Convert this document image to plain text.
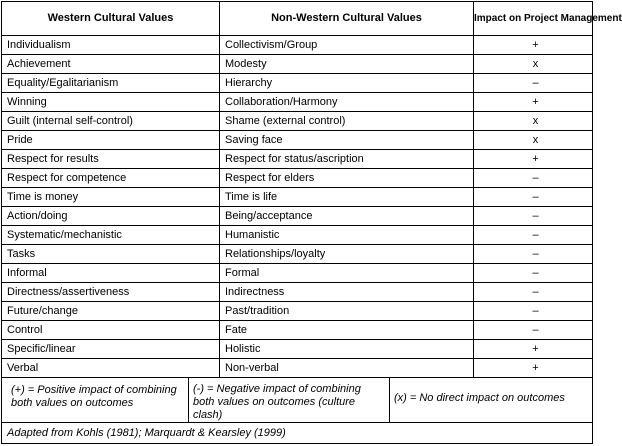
Western Cultural Values	Non-Western Cultural Values	Impact on Project Management
Individualism	Collectivism/Group	+
Achievement	Modesty	x
Equality/Egalitarianism	Hierarchy	–
Winning	Collaboration/Harmony	+
Guilt (internal self-control)	Shame (external control)	x
Pride	Saving face	x
Respect for results	Respect for status/ascription	+
Respect for competence	Respect for elders	–
Time is money	Time is life	–
Action/doing	Being/acceptance	–
Systematic/mechanistic	Humanistic	–
Tasks	Relationships/loyalty	–
Informal	Formal	–
Directness/assertiveness	Indirectness	–
Future/change	Past/tradition	–
Control	Fate	–
Specific/linear	Holistic	+
Verbal	Non-verbal	+

(+) = Positive impact of combining both values on outcomes
(-) = Negative impact of combining both values on outcomes (culture clash)
(x) = No direct impact on outcomes		

Adapted from Kohls (1981); Marquardt & Kearsley (1999)		
